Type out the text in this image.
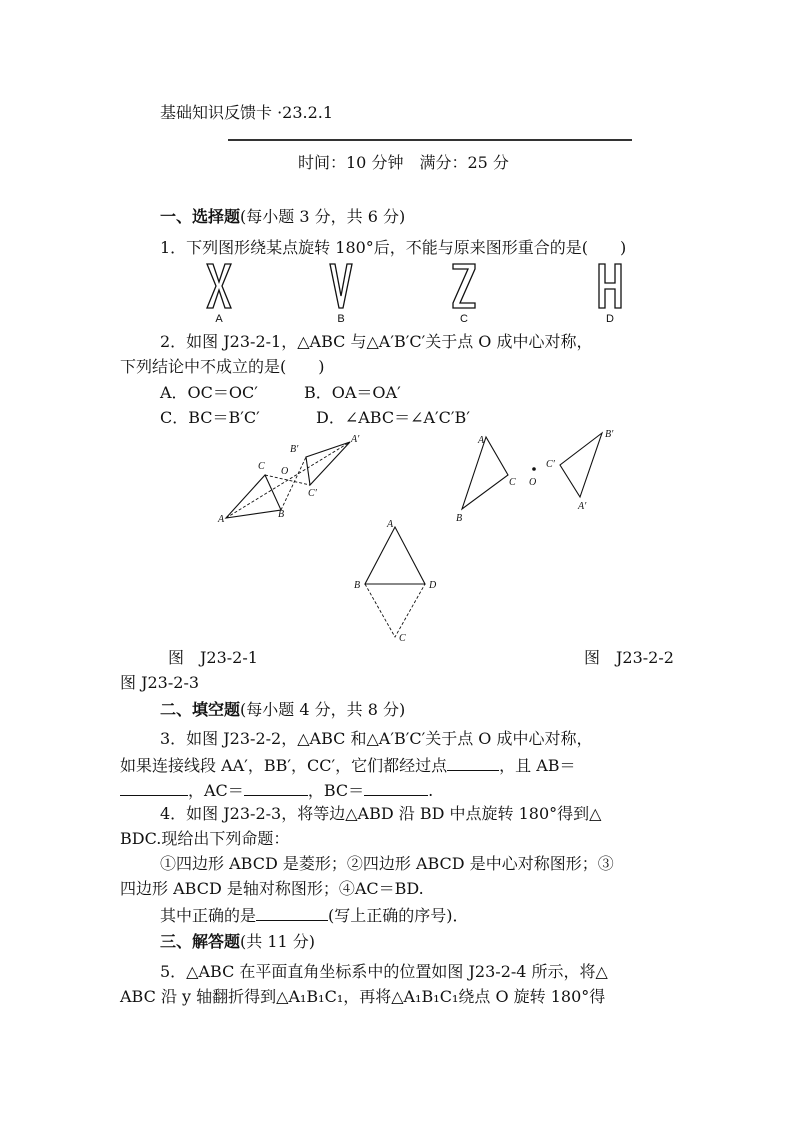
基础知识反馈卡 ·23.2.1
时间：10 分钟　满分：25 分
一、选择题(每小题 3 分，共 6 分)
1．下列图形绕某点旋转 180°后，不能与原来图形重合的是(　　)
A	B	C	D
2．如图 J23-2-1，△ABC 与△A′B′C′关于点 O 成中心对称，
下列结论中不成立的是(　　)
A．OC＝OC′	B．OA＝OA′
C．BC＝B′C′	D．∠ABC＝∠A′C′B′
A	B
C O
A′
B′
C′
A
B
C O
B′
C′
A′
A
B	D
C
图　J23-2-1	图　J23-2-2
图 J23-2-3
二、填空题(每小题 4 分，共 8 分)
3．如图 J23-2-2，△ABC 和△A′B′C′关于点 O 成中心对称，
如果连接线段 AA′，BB′，CC′，它们都经过点	，且 AB＝
，AC＝	，BC＝	.
4．如图 J23-2-3，将等边△ABD 沿 BD 中点旋转 180°得到△
BDC.现给出下列命题：
①四边形 ABCD 是菱形；②四边形 ABCD 是中心对称图形；③
四边形 ABCD 是轴对称图形；④AC＝BD.
其中正确的是	(写上正确的序号)．
三、解答题(共 11 分)
5．△ABC 在平面直角坐标系中的位置如图 J23-2-4 所示，将△
ABC 沿 y 轴翻折得到△A₁B₁C₁，再将△A₁B₁C₁绕点 O 旋转 180°得
